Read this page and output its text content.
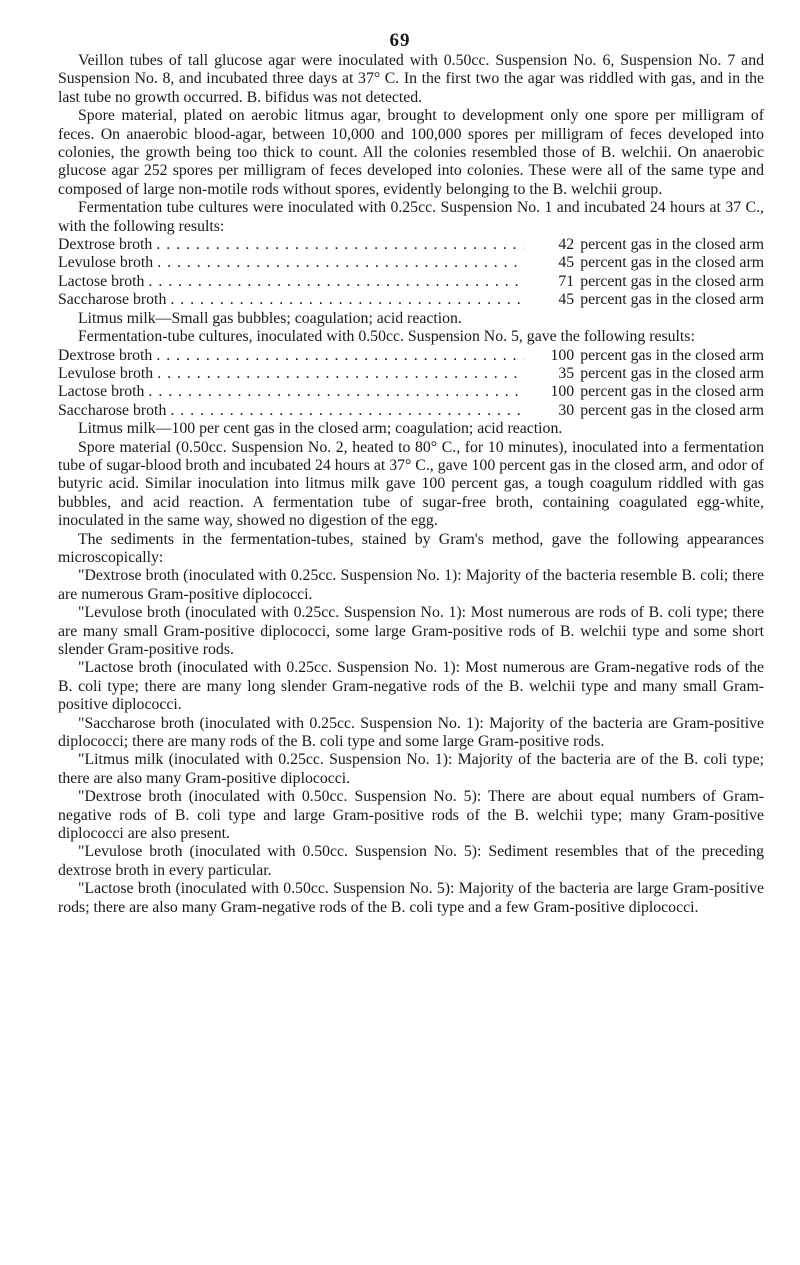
69

Veillon tubes of tall glucose agar were inoculated with 0.50cc. Suspension No. 6, Suspension No. 7 and Suspension No. 8, and incubated three days at 37° C. In the first two the agar was riddled with gas, and in the last tube no growth occurred. B. bifidus was not detected.

Spore material, plated on aerobic litmus agar, brought to development only one spore per milligram of feces. On anaerobic blood-agar, between 10,000 and 100,000 spores per milligram of feces developed into colonies, the growth being too thick to count. All the colonies resembled those of B. welchii. On anaerobic glucose agar 252 spores per milligram of feces developed into colonies. These were all of the same type and composed of large non-motile rods without spores, evidently belonging to the B. welchii group.

Fermentation tube cultures were inoculated with 0.25cc. Suspension No. 1 and incubated 24 hours at 37 C., with the following results:

Dextrose broth . . .	42 percent gas in the closed arm
Levulose broth . . .	45 percent gas in the closed arm
Lactose broth . . .	71 percent gas in the closed arm
Saccharose broth . . .	45 percent gas in the closed arm

Litmus milk—Small gas bubbles; coagulation; acid reaction.

Fermentation-tube cultures, inoculated with 0.50cc. Suspension No. 5, gave the following results:

Dextrose broth . . .	100 percent gas in the closed arm
Levulose broth . . .	35 percent gas in the closed arm
Lactose broth . . .	100 percent gas in the closed arm
Saccharose broth . . .	30 percent gas in the closed arm

Litmus milk—100 per cent gas in the closed arm; coagulation; acid reaction.

Spore material (0.50cc. Suspension No. 2, heated to 80° C., for 10 minutes), inoculated into a fermentation tube of sugar-blood broth and incubated 24 hours at 37° C., gave 100 percent gas in the closed arm, and odor of butyric acid. Similar inoculation into litmus milk gave 100 percent gas, a tough coagulum riddled with gas bubbles, and acid reaction. A fermentation tube of sugar-free broth, containing coagulated egg-white, inoculated in the same way, showed no digestion of the egg.

The sediments in the fermentation-tubes, stained by Gram's method, gave the following appearances microscopically:

"Dextrose broth (inoculated with 0.25cc. Suspension No. 1): Majority of the bacteria resemble B. coli; there are numerous Gram-positive diplococci.

"Levulose broth (inoculated with 0.25cc. Suspension No. 1): Most numerous are rods of B. coli type; there are many small Gram-positive diplococci, some large Gram-positive rods of B. welchii type and some short slender Gram-positive rods.

"Lactose broth (inoculated with 0.25cc. Suspension No. 1): Most numerous are Gram-negative rods of the B. coli type; there are many long slender Gram-negative rods of the B. welchii type and many small Gram-positive diplococci.

"Saccharose broth (inoculated with 0.25cc. Suspension No. 1): Majority of the bacteria are Gram-positive diplococci; there are many rods of the B. coli type and some large Gram-positive rods.

"Litmus milk (inoculated with 0.25cc. Suspension No. 1): Majority of the bacteria are of the B. coli type; there are also many Gram-positive diplococci.

"Dextrose broth (inoculated with 0.50cc. Suspension No. 5): There are about equal numbers of Gram-negative rods of B. coli type and large Gram-positive rods of the B. welchii type; many Gram-positive diplococci are also present.

"Levulose broth (inoculated with 0.50cc. Suspension No. 5): Sediment resembles that of the preceding dextrose broth in every particular.

"Lactose broth (inoculated with 0.50cc. Suspension No. 5): Majority of the bacteria are large Gram-positive rods; there are also many Gram-negative rods of the B. coli type and a few Gram-positive diplococci.
